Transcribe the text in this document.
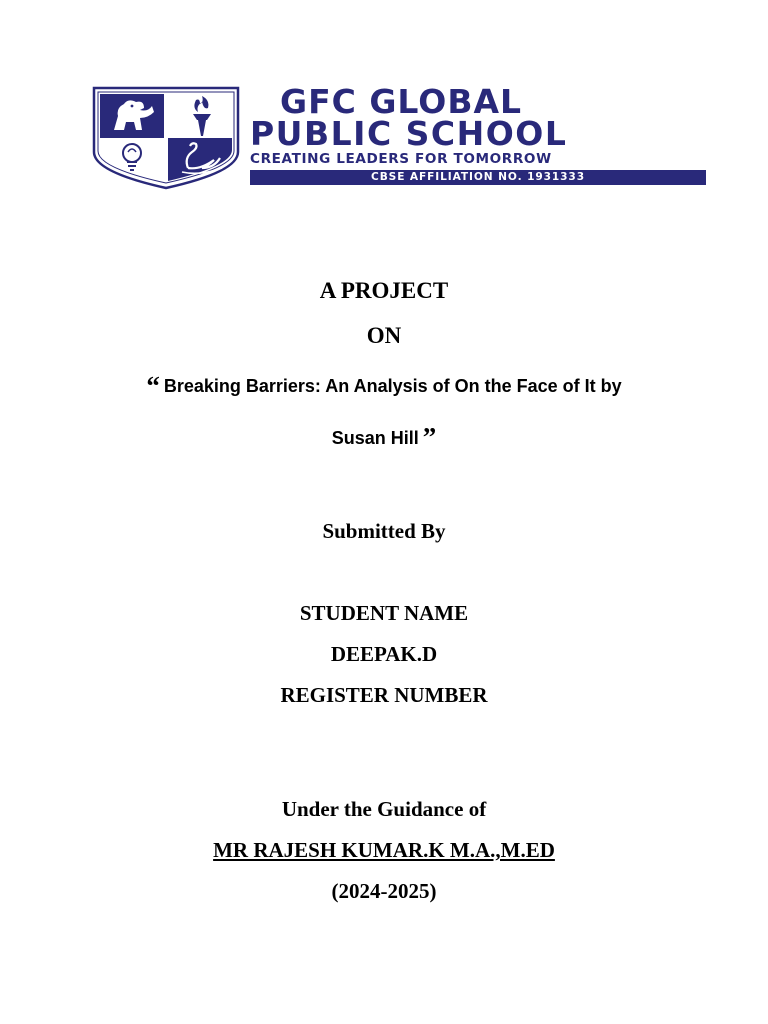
GFC GLOBAL
PUBLIC SCHOOL
CREATING LEADERS FOR TOMORROW
CBSE AFFILIATION NO. 1931333
A PROJECT
ON
“ Breaking Barriers: An Analysis of On the Face of It by
Susan Hill ”
Submitted By
STUDENT NAME
DEEPAK.D
REGISTER NUMBER
Under the Guidance of
MR RAJESH KUMAR.K M.A.,M.ED
(2024-2025)
